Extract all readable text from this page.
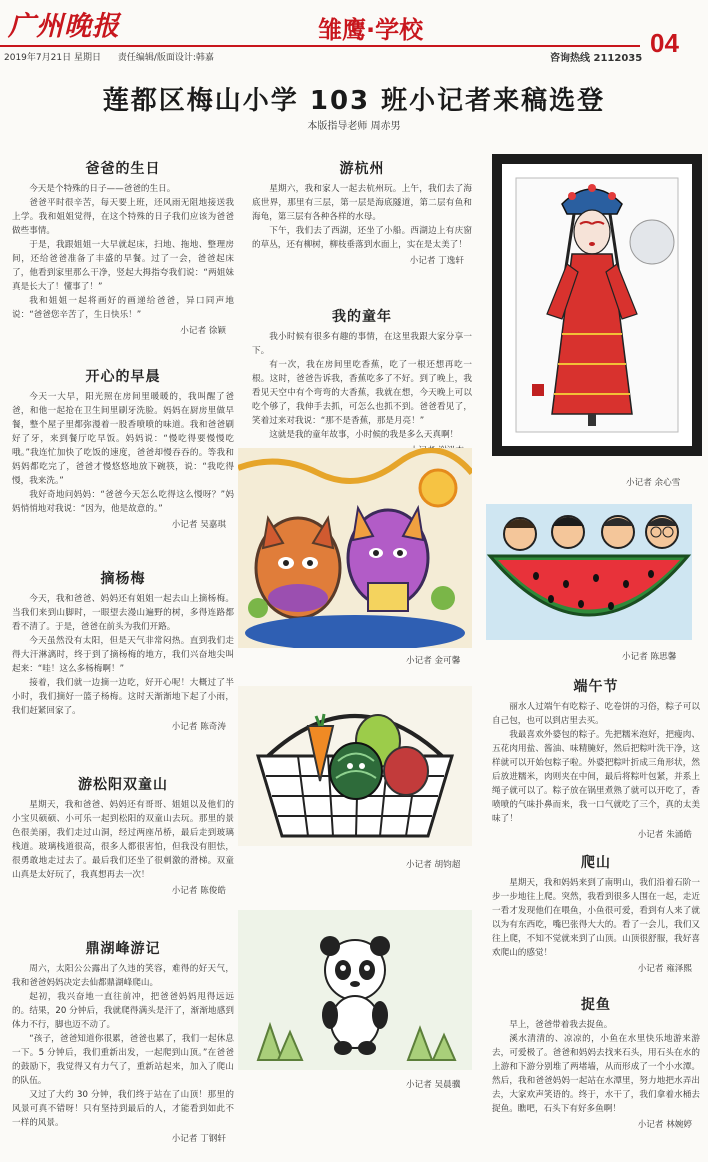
广州晚报	雏鹰·学校	04
2019年7月21日 星期日 责任编辑/版面设计:韩嘉	咨询热线 2112035
莲都区梅山小学 103 班小记者来稿选登
本版指导老师 周赤男
爸爸的生日

今天是个特殊的日子——爸爸的生日。

爸爸平时很辛苦，每天要上班，还风雨无阻地接送我上学。我和姐姐觉得，在这个特殊的日子我们应该为爸爸做些事情。

于是，我跟姐姐一大早就起床，扫地、拖地、整理房间，还给爸爸准备了丰盛的早餐。过了一会，爸爸起床了，他看到家里那么干净，竖起大拇指夸我们说：“两姐妹真是长大了！懂事了！”

我和姐姐一起将画好的画递给爸爸，异口同声地说：“爸爸您辛苦了，生日快乐！”

小记者 徐颖
开心的早晨

今天一大早，阳光照在房间里暖暖的，我叫醒了爸爸，和他一起抢在卫生间里刷牙洗脸。妈妈在厨房里做早餐，整个屋子里都弥漫着一股香喷喷的味道。我和爸爸刷好了牙，来到餐厅吃早饭。妈妈说：“慢吃得要慢慢吃哦。”我连忙加快了吃饭的速度，爸爸却慢吞吞的。等我和妈妈都吃完了，爸爸才慢悠悠地放下碗筷，说：“我吃得慢，我来洗。”

我好奇地问妈妈：“爸爸今天怎么吃得这么慢呀？”妈妈悄悄地对我说：“因为，他是故意的。”

小记者 吴嘉琪
摘杨梅

今天，我和爸爸、妈妈还有姐姐一起去山上摘杨梅。当我们来到山脚时，一眼望去漫山遍野的树，多得连路都看不清了。于是，爸爸在前头为我们开路。

今天虽然没有太阳，但是天气非常闷热。直到我们走得大汗淋漓时，终于到了摘杨梅的地方，我们兴奋地尖叫起来：“哇！这么多杨梅啊！”

接着，我们就一边摘一边吃，好开心呢！大概过了半小时，我们摘好一篮子杨梅。这时天渐渐地下起了小雨，我们赶紧回家了。

小记者 陈奇涛
游松阳双童山

星期天，我和爸爸、妈妈还有哥哥、姐姐以及他们的小宝贝硕硕、小可乐一起到松阳的双童山去玩。那里的景色很美丽，我们走过山洞，经过两座吊桥，最后走到玻璃栈道。玻璃栈道很高，很多人都很害怕，但我没有胆怯，很勇敢地走过去了。最后我们还坐了很刺激的滑梯。双童山真是太好玩了，我真想再去一次！

小记者 陈俊皓
鼎湖峰游记

周六，太阳公公露出了久违的笑容，难得的好天气，我和爸爸妈妈决定去仙都鼎湖峰爬山。

起初，我兴奋地一直往前冲，把爸爸妈妈甩得远远的。结果，20 分钟后，我就爬得满头是汗了，渐渐地感到体力不行，脚也迈不动了。

“孩子，爸爸知道你很累，爸爸也累了，我们一起休息一下。5 分钟后，我们重新出发，一起爬到山顶。”在爸爸的鼓励下，我觉得又有力气了，重新站起来，加入了爬山的队伍。

又过了大约 30 分钟，我们终于站在了山顶！那里的风景可真不错呀！只有坚持到最后的人，才能看到如此不一样的风景。

小记者 丁钢轩
游杭州

星期六，我和家人一起去杭州玩。上午，我们去了海底世界，那里有三层，第一层是海底隧道，第二层有鱼和海龟，第三层有各种各样的水母。

下午，我们去了西湖，还坐了小船。西湖边上有庆窗的草丛，还有柳树，柳枝垂落到水面上，实在是太美了！

小记者 丁逸轩
我的童年

我小时候有很多有趣的事情，在这里我跟大家分享一下。

有一次，我在房间里吃香蕉，吃了一根还想再吃一根。这时，爸爸告诉我，香蕉吃多了不好。到了晚上，我看见天空中有个弯弯的大香蕉，我就在想，今天晚上可以吃个够了，我伸手去抓，可怎么也抓不到。爸爸看见了，笑着过来对我说：“那不是香蕉，那是月亮！”

这就是我的童年故事，小时候的我是多么天真啊！

小记者 金可馨
小记者 胡钧超
小记者 吴晨骥
小记者 余心雪
小记者 陈思馨
端午节

丽水人过端午有吃粽子、吃卷饼的习俗，粽子可以自己包，也可以到店里去买。

我最喜欢外婆包的粽子。先把糯米泡好，把瘦肉、五花肉用盐、酱油、味精腌好，然后把粽叶洗干净，这样就可以开始包粽子啦。外婆把粽叶折成三角形状，然后放进糯米，肉则夹在中间，最后将粽叶包紧，并系上绳子就可以了。粽子放在锅里煮熟了就可以开吃了，香喷喷的气味扑鼻而来，我一口气就吃了三个，真的太美味了！

小记者 朱涌皓
爬山

星期天，我和妈妈来到了南明山，我们沿着石阶一步一步地往上爬。突然，我看到很多人围在一起，走近一看才发现他们在喂鱼，小鱼很可爱，看到有人来了就以为有东西吃，嘴巴张得大大的。看了一会儿，我们又往上爬，不知不觉就来到了山顶。山顶很舒服，我好喜欢爬山的感觉！

小记者 雍泽熙
捉鱼

早上，爸爸带着我去捉鱼。

溪水清清的、凉凉的，小鱼在水里快乐地游来游去，可爱极了。爸爸和妈妈去找来石头，用石头在水的上游和下游分别堆了两堵墙，从而形成了一个小水潭。然后，我和爸爸妈妈一起站在水潭里，努力地把水弄出去，大家欢声笑语的。终于，水干了，我们拿着水桶去捉鱼。瞧吧，石头下有好多鱼啊！

小记者 林婉婷
